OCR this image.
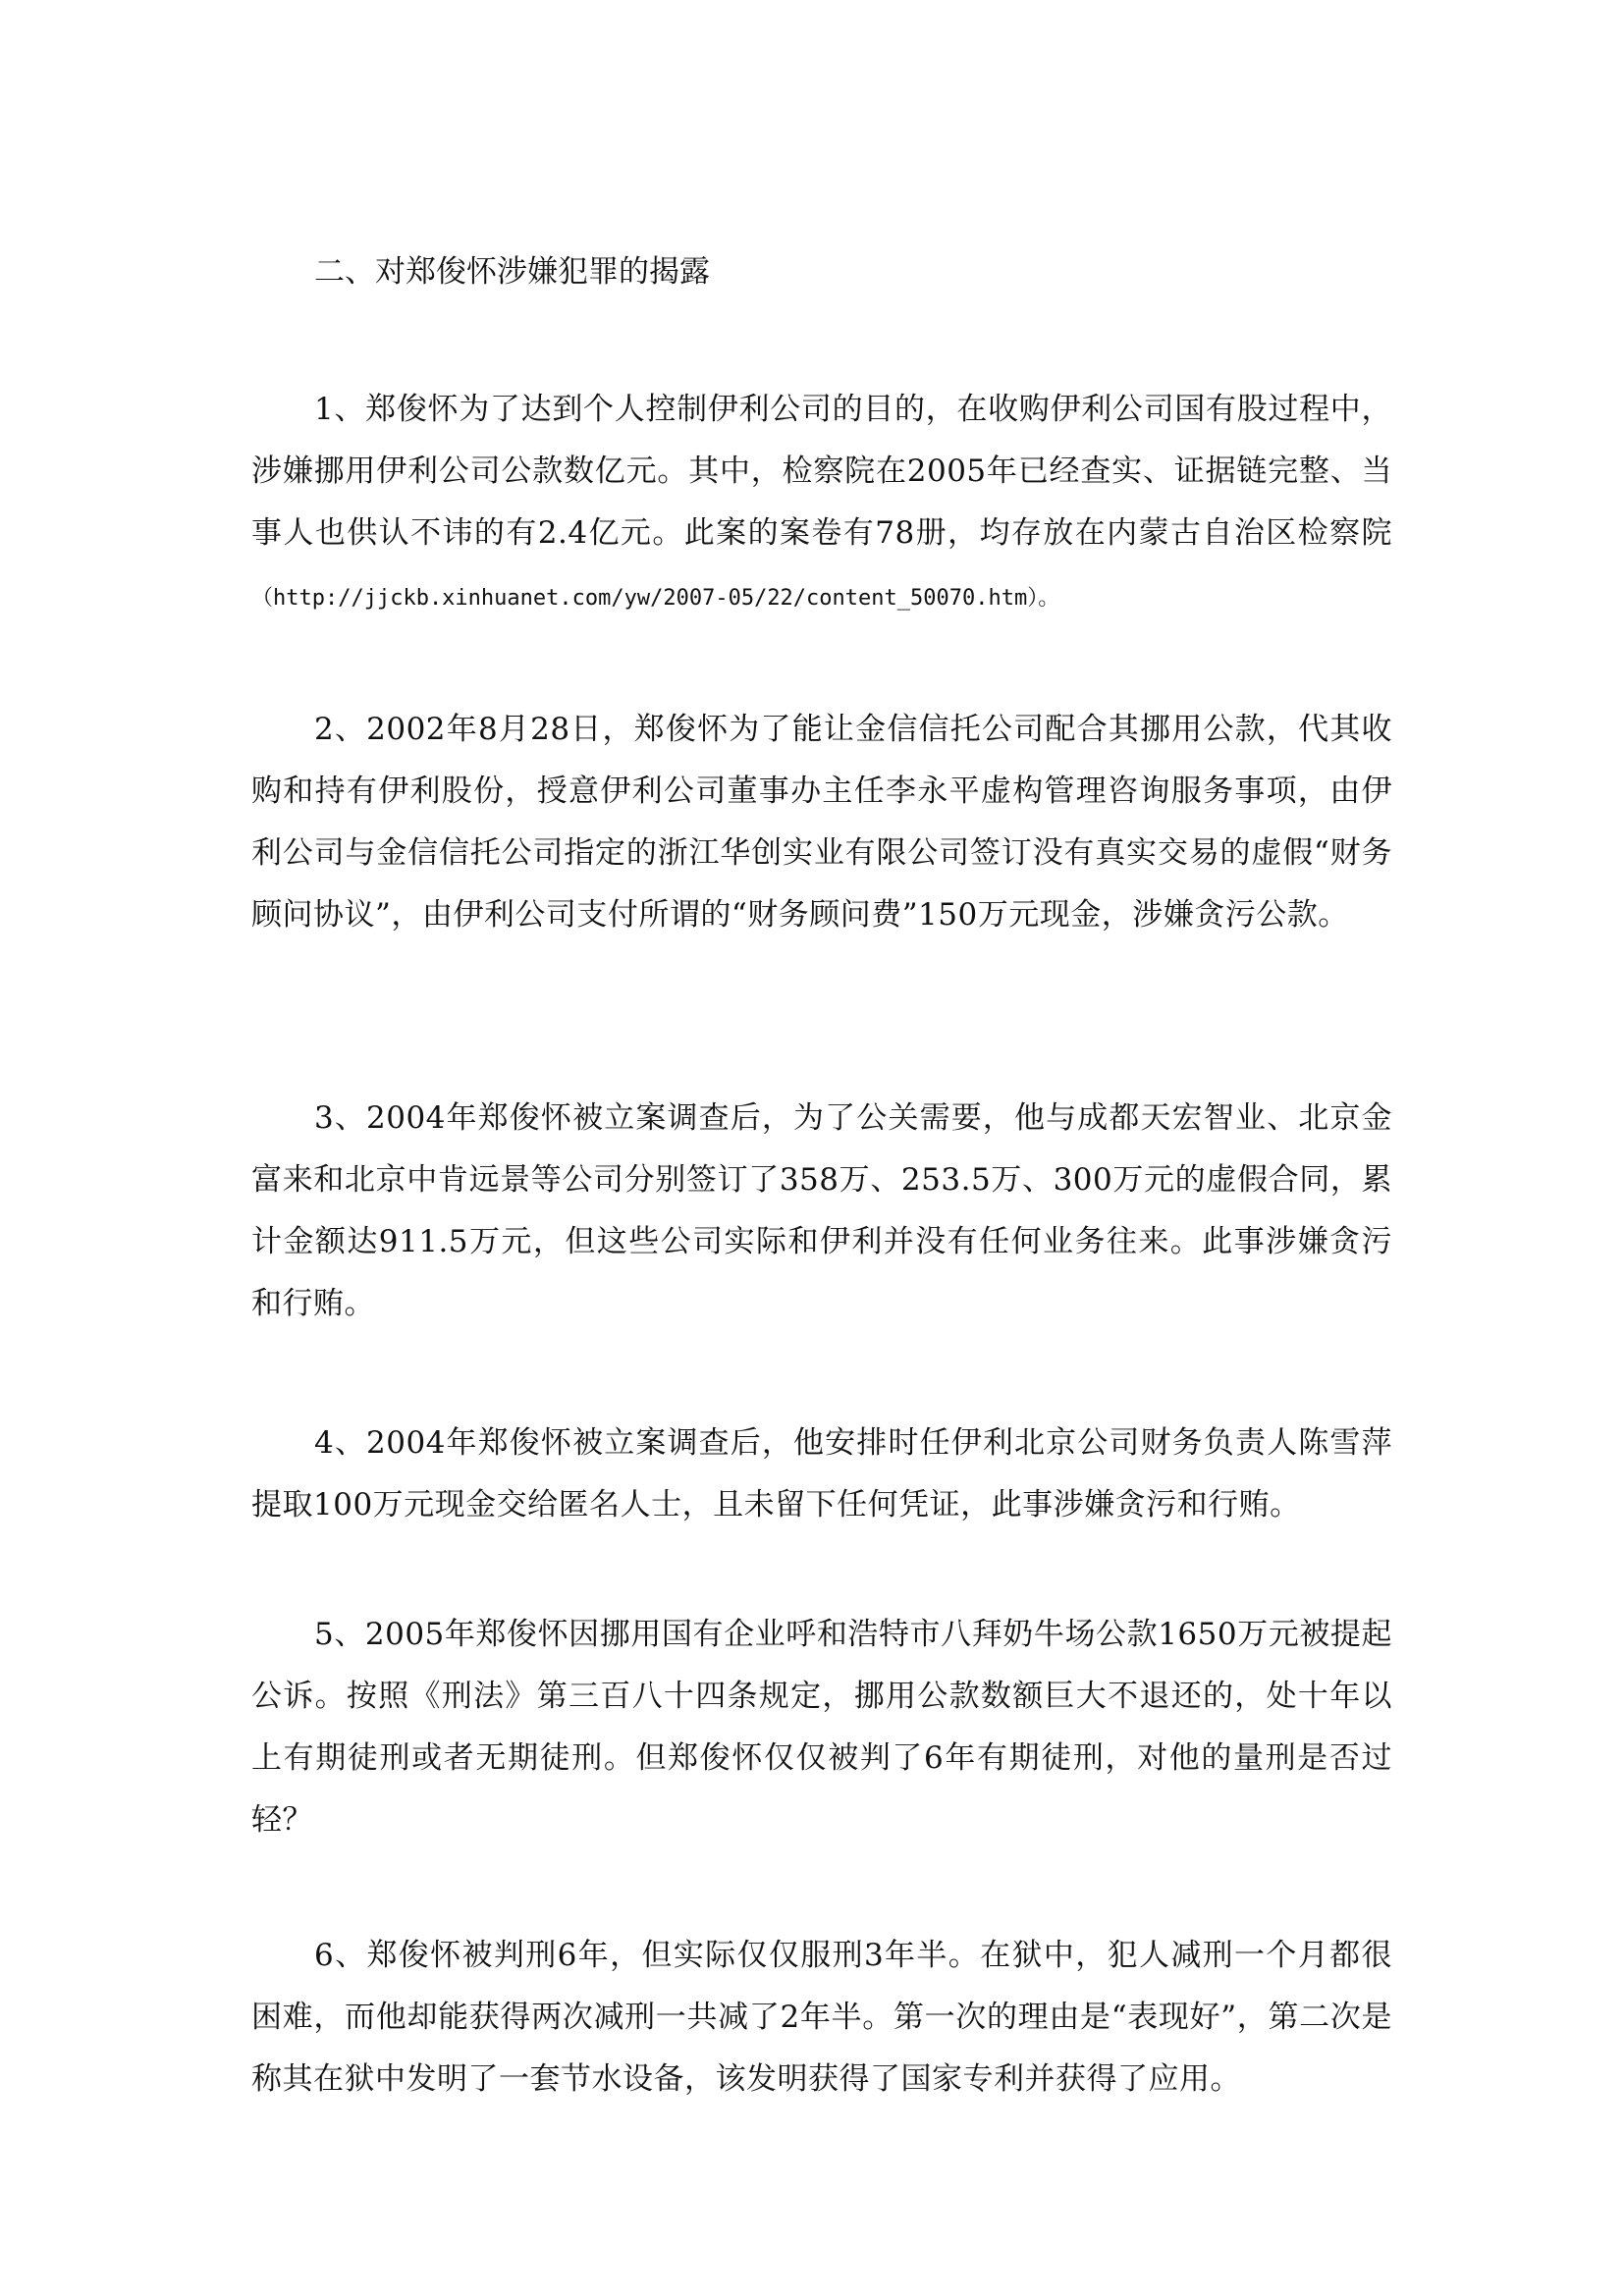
二、对郑俊怀涉嫌犯罪的揭露

1、郑俊怀为了达到个人控制伊利公司的目的，在收购伊利公司国有股过程中，涉嫌挪用伊利公司公款数亿元。其中，检察院在2005年已经查实、证据链完整、当事人也供认不讳的有2.4亿元。此案的案卷有78册，均存放在内蒙古自治区检察院（http://jjckb.xinhuanet.com/yw/2007-05/22/content_50070.htm）。

2、2002年8月28日，郑俊怀为了能让金信信托公司配合其挪用公款，代其收购和持有伊利股份，授意伊利公司董事办主任李永平虚构管理咨询服务事项，由伊利公司与金信信托公司指定的浙江华创实业有限公司签订没有真实交易的虚假“财务顾问协议”，由伊利公司支付所谓的“财务顾问费”150万元现金，涉嫌贪污公款。

3、2004年郑俊怀被立案调查后，为了公关需要，他与成都天宏智业、北京金富来和北京中肯远景等公司分别签订了358万、253.5万、300万元的虚假合同，累计金额达911.5万元，但这些公司实际和伊利并没有任何业务往来。此事涉嫌贪污和行贿。

4、2004年郑俊怀被立案调查后，他安排时任伊利北京公司财务负责人陈雪萍提取100万元现金交给匿名人士，且未留下任何凭证，此事涉嫌贪污和行贿。

5、2005年郑俊怀因挪用国有企业呼和浩特市八拜奶牛场公款1650万元被提起公诉。按照《刑法》第三百八十四条规定，挪用公款数额巨大不退还的，处十年以上有期徒刑或者无期徒刑。但郑俊怀仅仅被判了6年有期徒刑，对他的量刑是否过轻？

6、郑俊怀被判刑6年，但实际仅仅服刑3年半。在狱中，犯人减刑一个月都很困难，而他却能获得两次减刑一共减了2年半。第一次的理由是“表现好”，第二次是称其在狱中发明了一套节水设备，该发明获得了国家专利并获得了应用。
